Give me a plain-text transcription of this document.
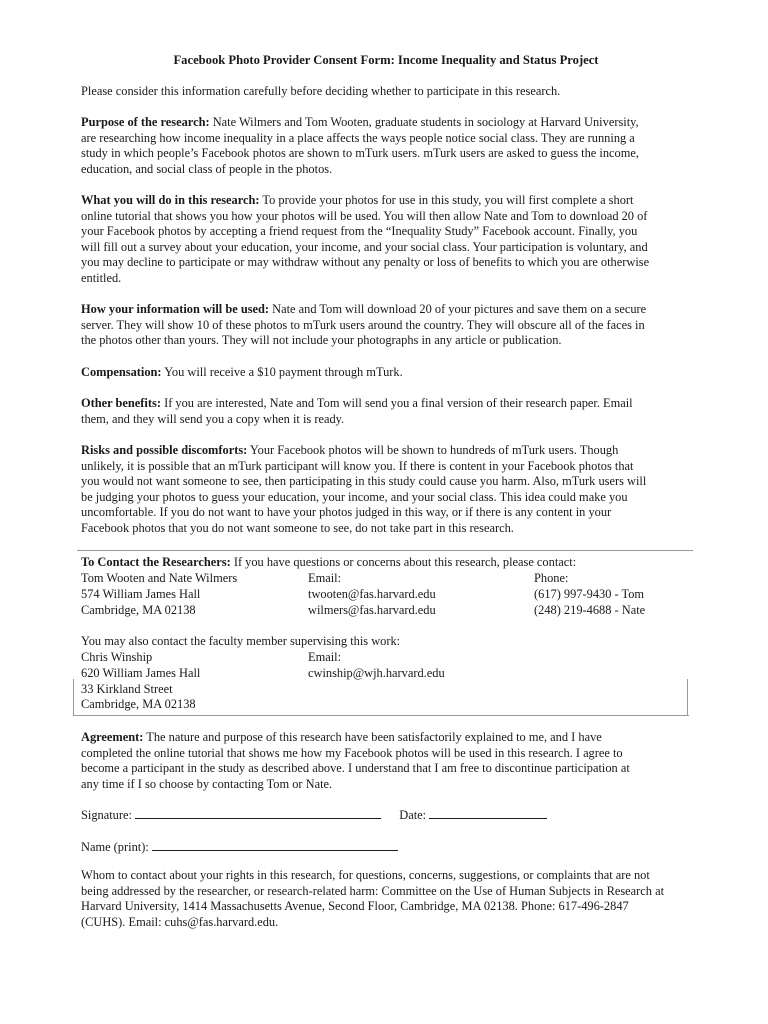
Facebook Photo Provider Consent Form: Income Inequality and Status Project

Please consider this information carefully before deciding whether to participate in this research.

Purpose of the research: Nate Wilmers and Tom Wooten, graduate students in sociology at Harvard University,
are researching how income inequality in a place affects the ways people notice social class. They are running a
study in which people’s Facebook photos are shown to mTurk users. mTurk users are asked to guess the income,
education, and social class of people in the photos.
What you will do in this research: To provide your photos for use in this study, you will first complete a short
online tutorial that shows you how your photos will be used. You will then allow Nate and Tom to download 20 of
your Facebook photos by accepting a friend request from the “Inequality Study” Facebook account. Finally, you
will fill out a survey about your education, your income, and your social class. Your participation is voluntary, and
you may decline to participate or may withdraw without any penalty or loss of benefits to which you are otherwise
entitled.
How your information will be used: Nate and Tom will download 20 of your pictures and save them on a secure
server. They will show 10 of these photos to mTurk users around the country. They will obscure all of the faces in
the photos other than yours. They will not include your photographs in any article or publication.
Compensation: You will receive a $10 payment through mTurk.
Other benefits: If you are interested, Nate and Tom will send you a final version of their research paper. Email
them, and they will send you a copy when it is ready.
Risks and possible discomforts: Your Facebook photos will be shown to hundreds of mTurk users. Though
unlikely, it is possible that an mTurk participant will know you. If there is content in your Facebook photos that
you would not want someone to see, then participating in this study could cause you harm. Also, mTurk users will
be judging your photos to guess your education, your income, and your social class. This idea could make you
uncomfortable. If you do not want to have your photos judged in this way, or if there is any content in your
Facebook photos that you do not want someone to see, do not take part in this research.
To Contact the Researchers: If you have questions or concerns about this research, please contact:
Tom Wooten and Nate Wilmers	Email:	Phone:
574 William James Hall	twooten@fas.harvard.edu	(617) 997-9430 - Tom
Cambridge, MA 02138	wilmers@fas.harvard.edu	(248) 219-4688 - Nate
You may also contact the faculty member supervising this work:
Chris Winship	Email:
620 William James Hall	cwinship@wjh.harvard.edu
33 Kirkland Street
Cambridge, MA 02138
Agreement: The nature and purpose of this research have been satisfactorily explained to me, and I have
completed the online tutorial that shows me how my Facebook photos will be used in this research. I agree to
become a participant in the study as described above. I understand that I am free to discontinue participation at
any time if I so choose by contacting Tom or Nate.
Signature:	Date:
Name (print):
Whom to contact about your rights in this research, for questions, concerns, suggestions, or complaints that are not
being addressed by the researcher, or research-related harm: Committee on the Use of Human Subjects in Research at
Harvard University, 1414 Massachusetts Avenue, Second Floor, Cambridge, MA 02138. Phone: 617-496-2847
(CUHS). Email: cuhs@fas.harvard.edu.
